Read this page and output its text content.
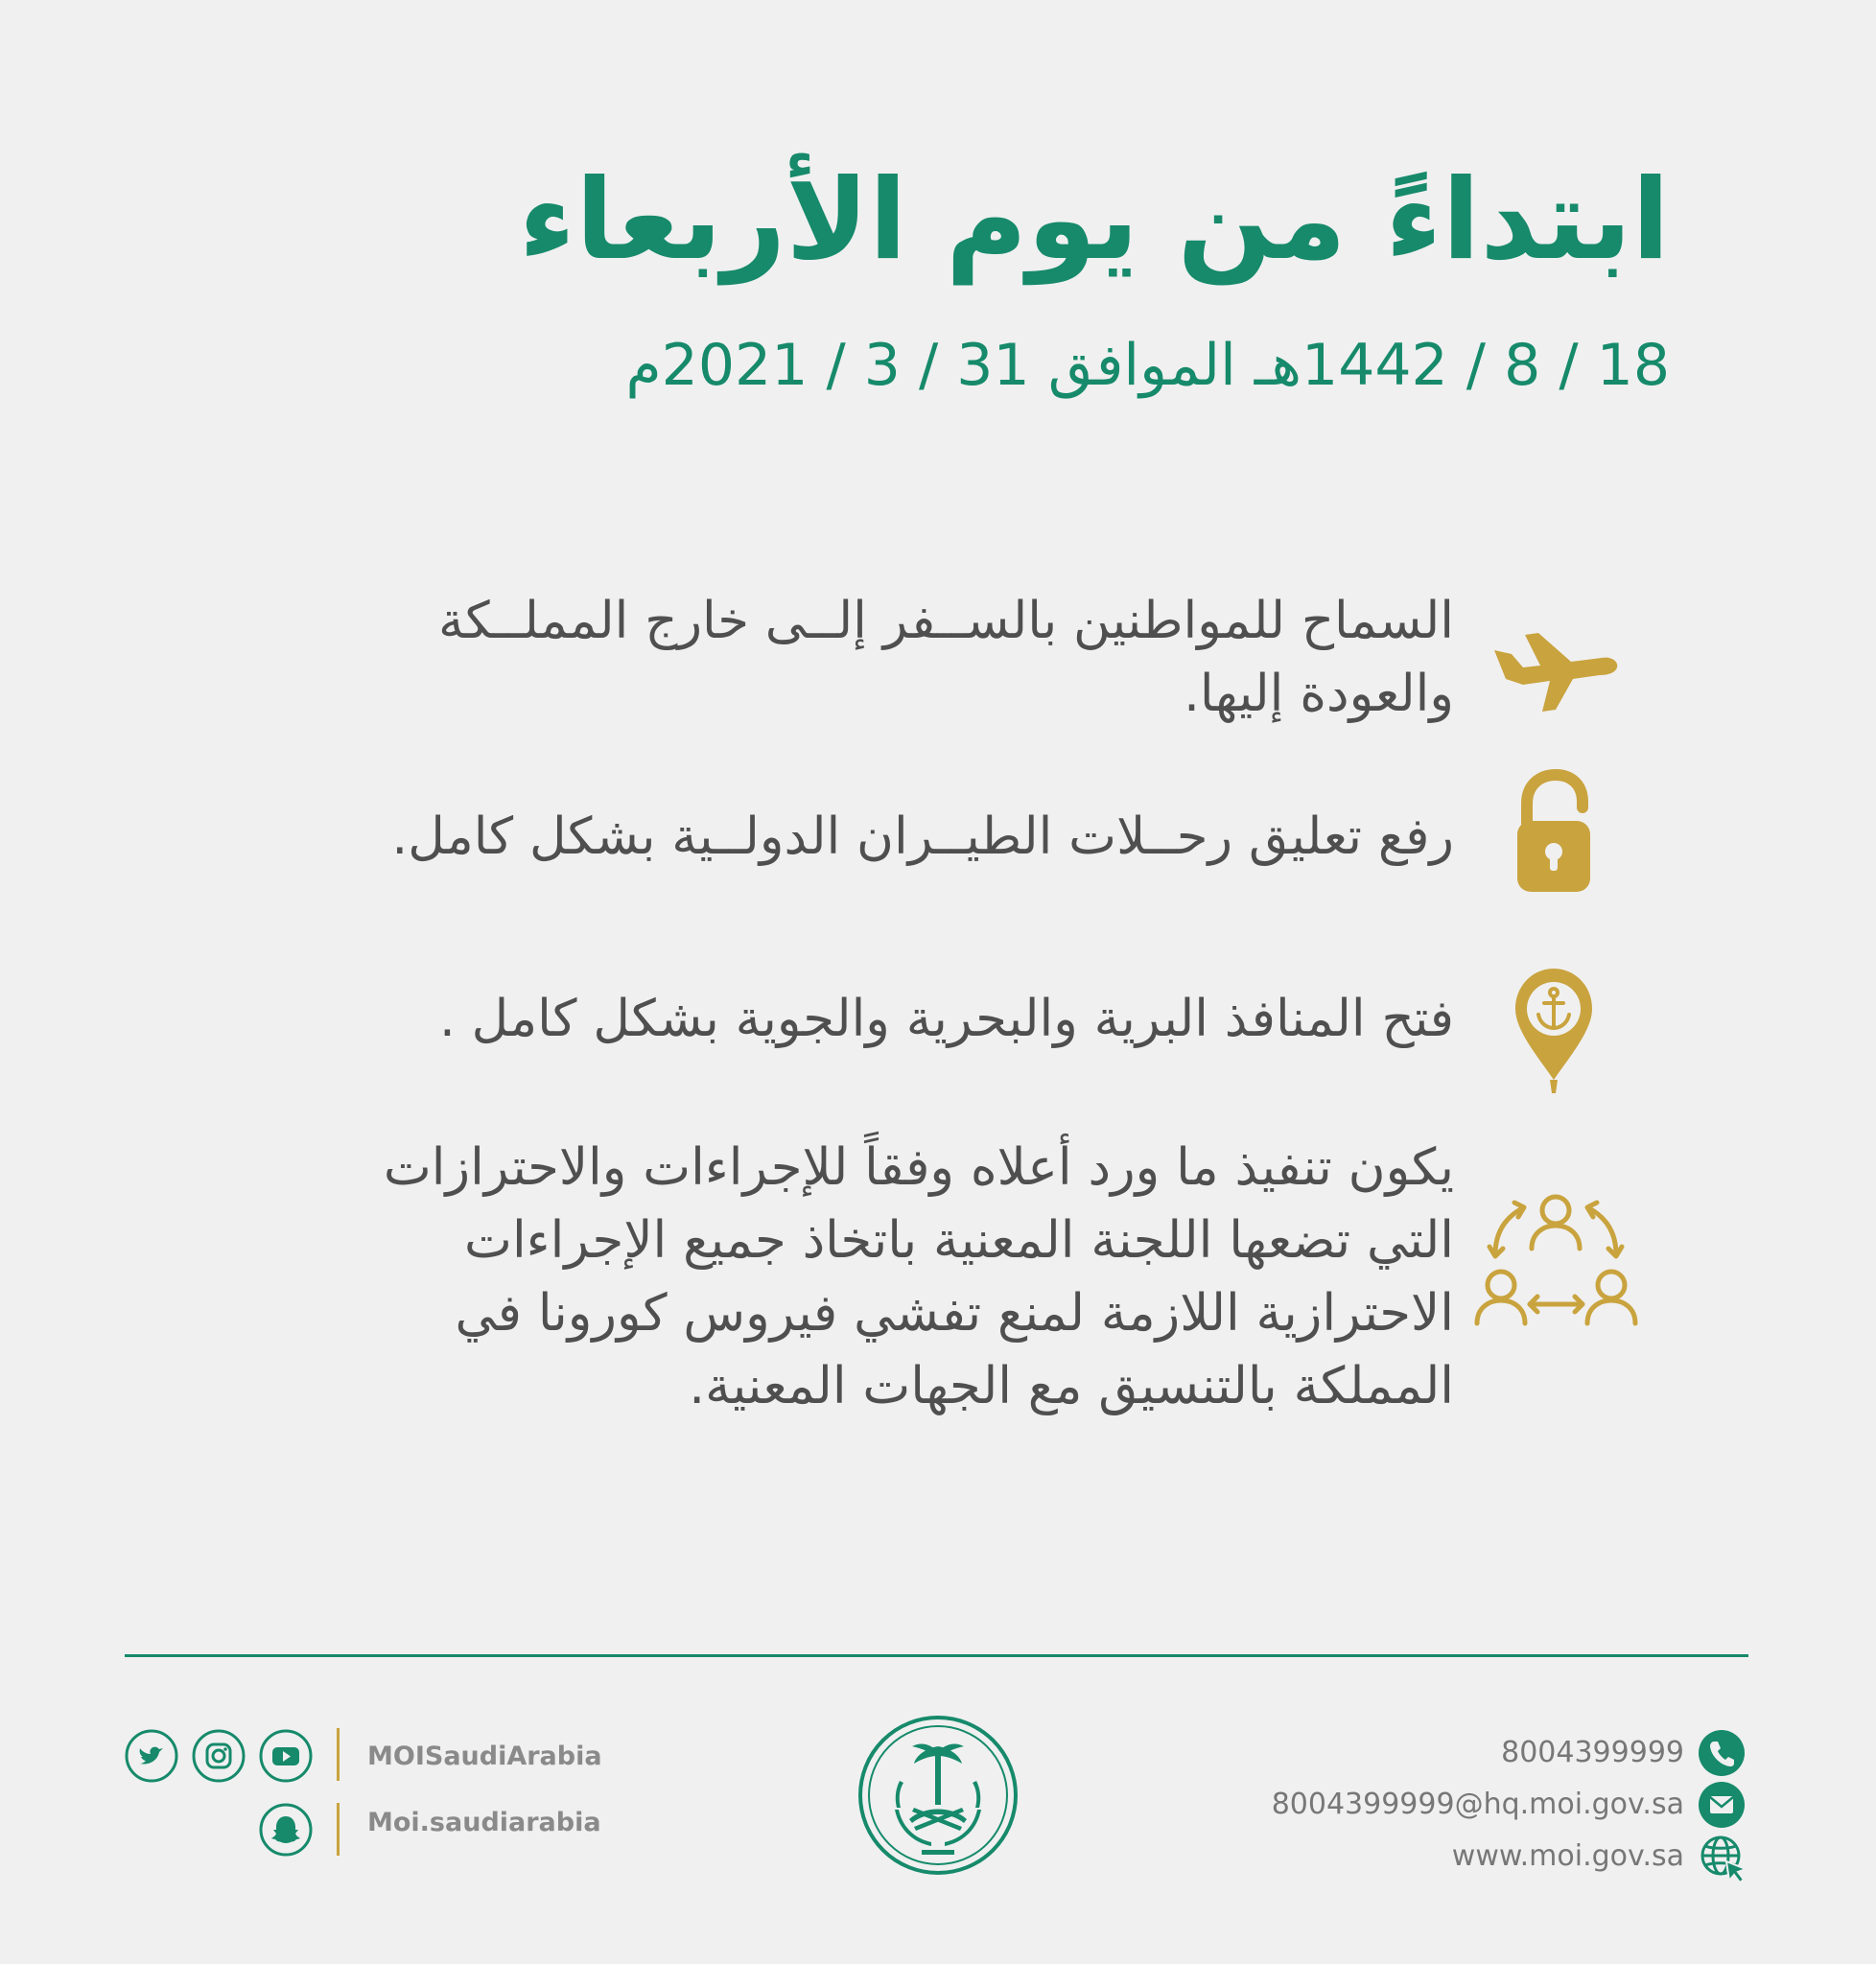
ابتداءً من يوم الأربعاء
18 / 8 / 1442هـ الموافق 31 / 3 / 2021م
السماح للمواطنين بالســفر إلــى خارج المملــكة
والعودة إليها.
رفع تعليق رحــلات الطيــران الدولــية بشكل كامل.
فتح المنافذ البرية والبحرية والجوية بشكل كامل .
يكون تنفيذ ما ورد أعلاه وفقاً للإجراءات والاحترازات
التي تضعها اللجنة المعنية باتخاذ جميع الإجراءات
الاحترازية اللازمة لمنع تفشي فيروس كورونا في
المملكة بالتنسيق مع الجهات المعنية.
MOISaudiArabia
Moi.saudiarabia
8004399999
8004399999@hq.moi.gov.sa
www.moi.gov.sa
